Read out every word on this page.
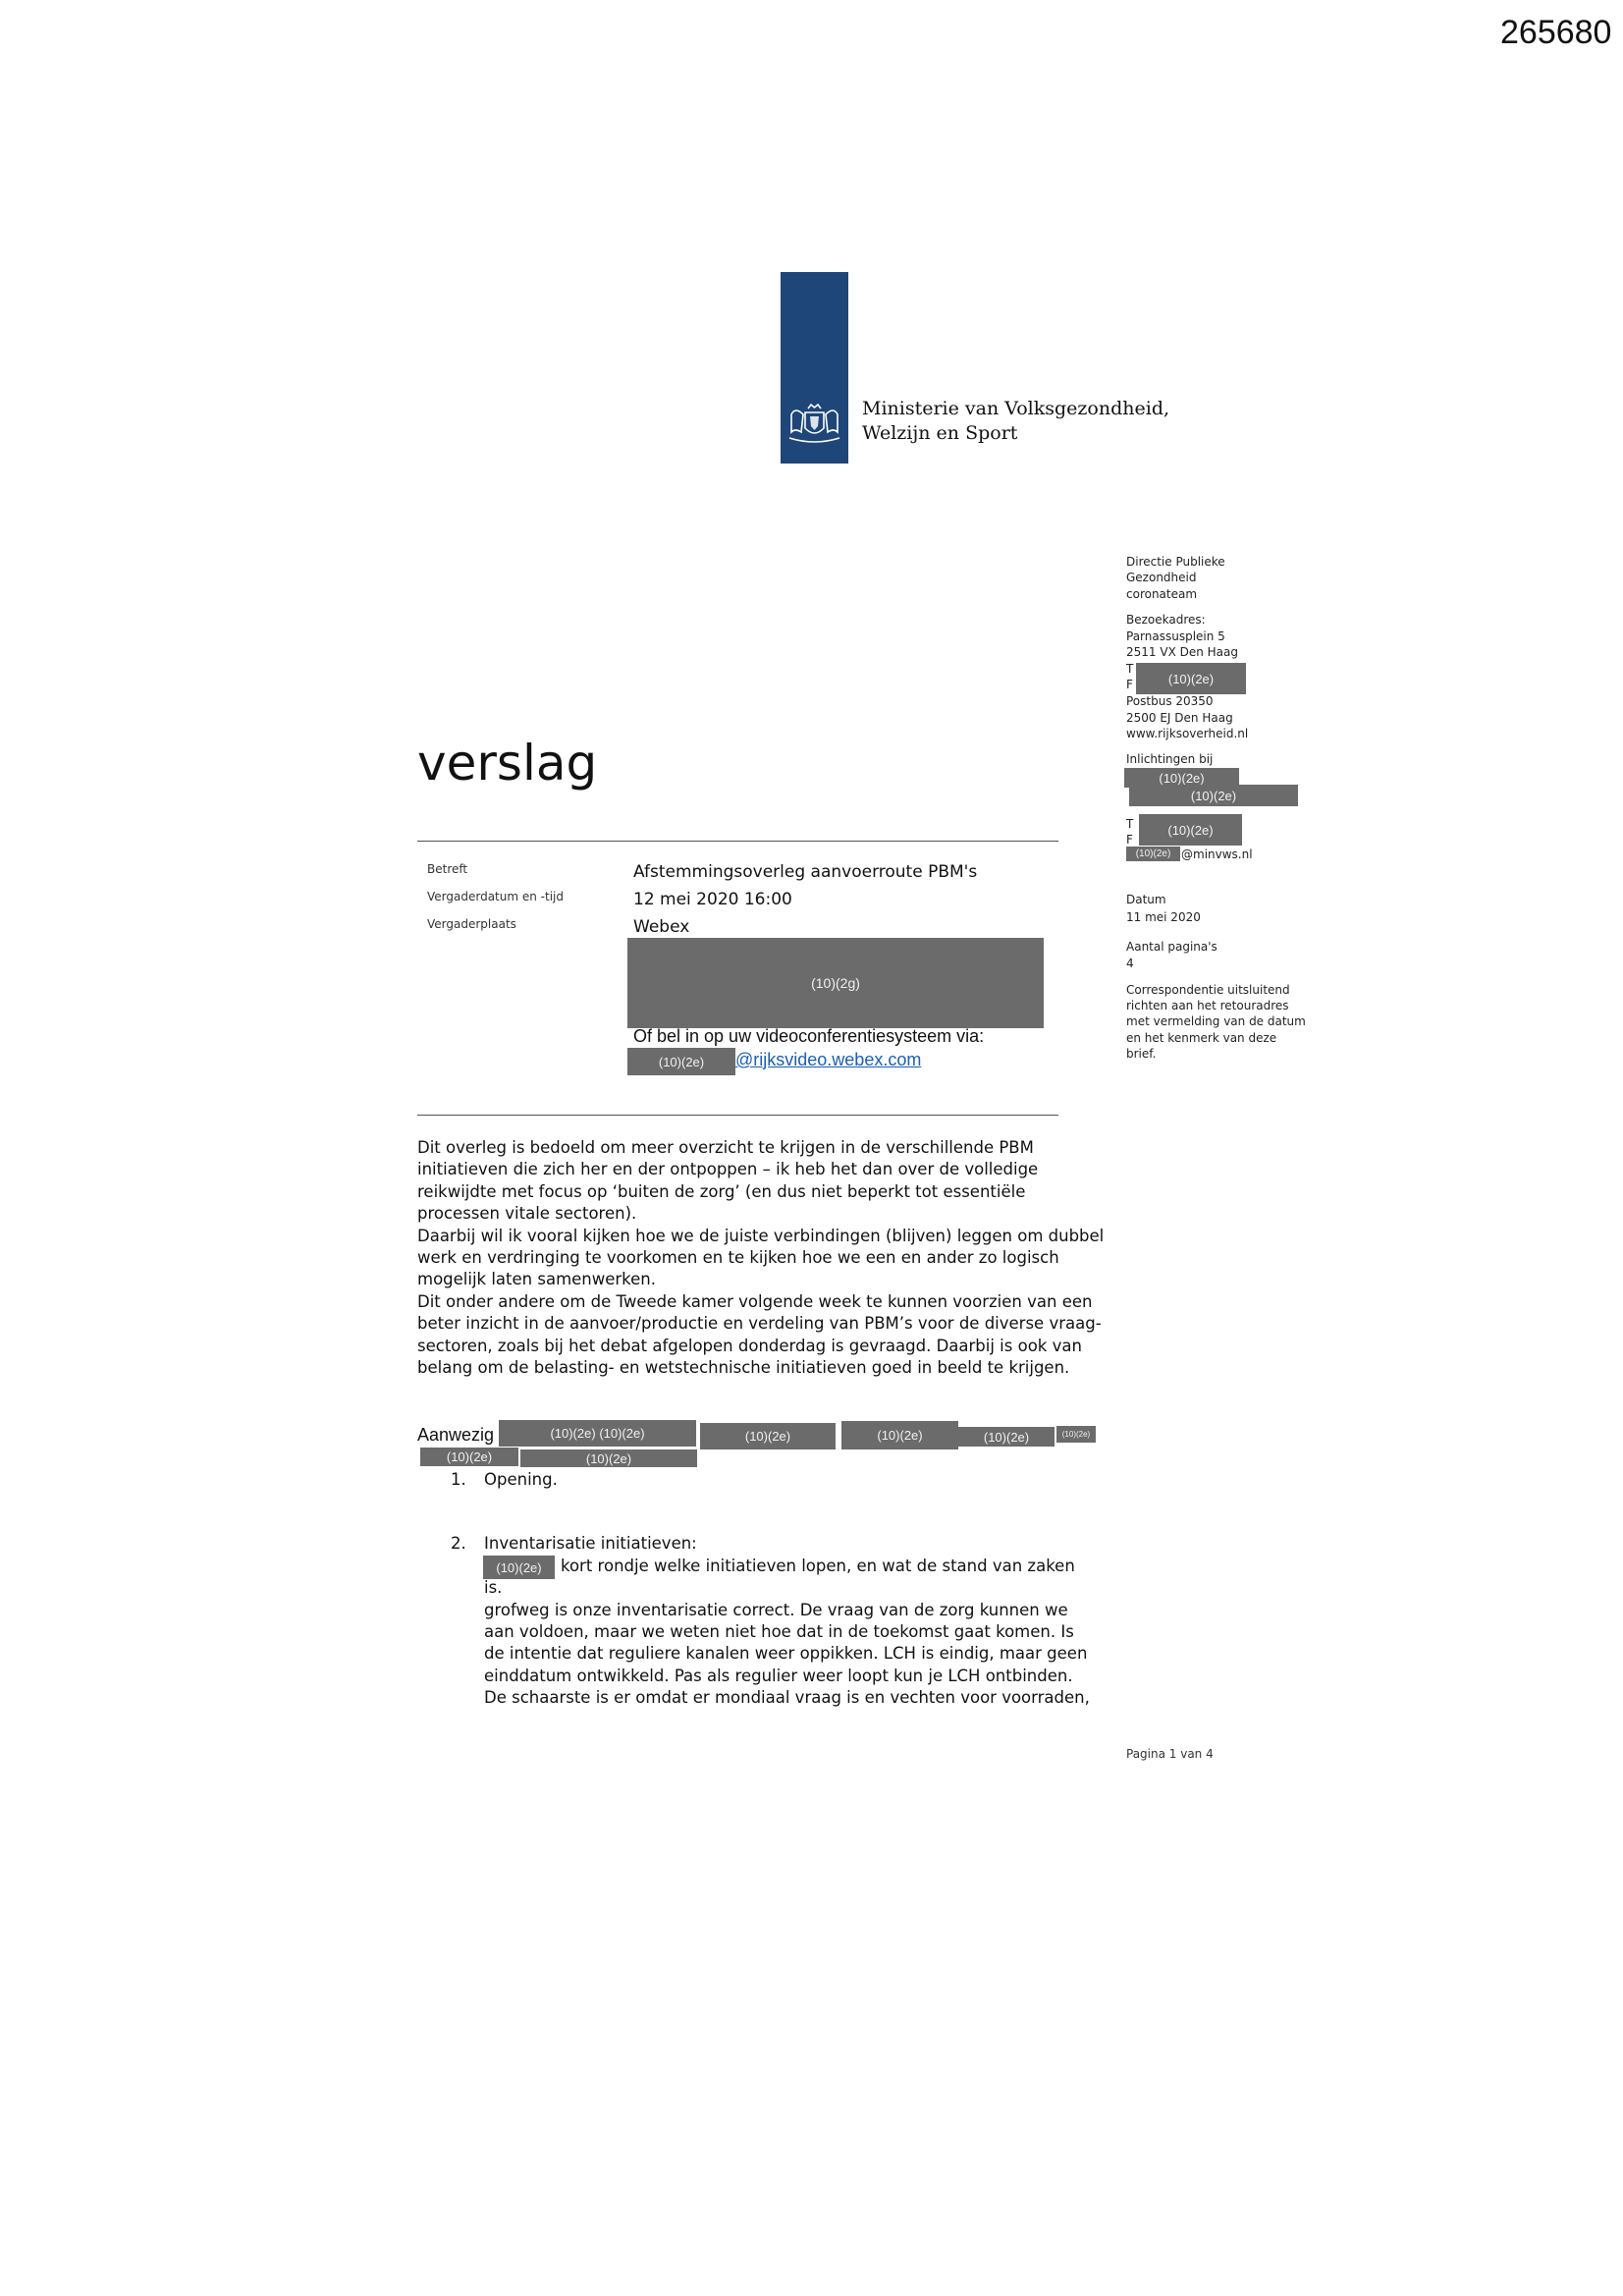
265680
Ministerie van Volksgezondheid,
Welzijn en Sport
Directie Publieke
Gezondheid
coronateam
Bezoekadres:
Parnassusplein 5
2511 VX Den Haag
T
F	(10)(2e)
Postbus 20350
2500 EJ Den Haag
www.rijksoverheid.nl
Inlichtingen bij
(10)(2e)
(10)(2e)
T
F
(10)(2e)
(10)(2e) @minvws.nl
Datum
11 mei 2020
Aantal pagina's
4
Correspondentie uitsluitend
richten aan het retouradres
met vermelding van de datum
en het kenmerk van deze
brief.
verslag
Betreft	Afstemmingsoverleg aanvoerroute PBM's
Vergaderdatum en -tijd	12 mei 2020 16:00
Vergaderplaats	Webex
(10)(2g)
Of bel in op uw videoconferentiesysteem via:
(10)(2e)	@rijksvideo.webex.com

Dit overleg is bedoeld om meer overzicht te krijgen in de verschillende PBM initiatieven die zich her en der ontpoppen – ik heb het dan over de volledige reikwijdte met focus op ‘buiten de zorg’ (en dus niet beperkt tot essentiële processen vitale sectoren).

Daarbij wil ik vooral kijken hoe we de juiste verbindingen (blijven) leggen om dubbel werk en verdringing te voorkomen en te kijken hoe we een en ander zo logisch mogelijk laten samenwerken.

Dit onder andere om de Tweede kamer volgende week te kunnen voorzien van een beter inzicht in de aanvoer/productie en verdeling van PBM’s voor de diverse vraag-sectoren, zoals bij het debat afgelopen donderdag is gevraagd. Daarbij is ook van belang om de belasting- en wetstechnische initiatieven goed in beeld te krijgen.

Aanwezig	(10)(2e)
(10)(2e)	(10)(2e)	(10)(2e)	(10)(2e)	(10)(2e)
(10)(2e)	(10)(2e)
1. Opening.
2. Inventarisatie initiatieven:
(10)(2e)	kort rondje welke initiatieven lopen, en wat de stand van zaken
is.
grofweg is onze inventarisatie correct. De vraag van de zorg kunnen we
aan voldoen, maar we weten niet hoe dat in de toekomst gaat komen. Is
de intentie dat reguliere kanalen weer oppikken. LCH is eindig, maar geen
einddatum ontwikkeld. Pas als regulier weer loopt kun je LCH ontbinden.
De schaarste is er omdat er mondiaal vraag is en vechten voor voorraden,
Pagina 1 van 4
